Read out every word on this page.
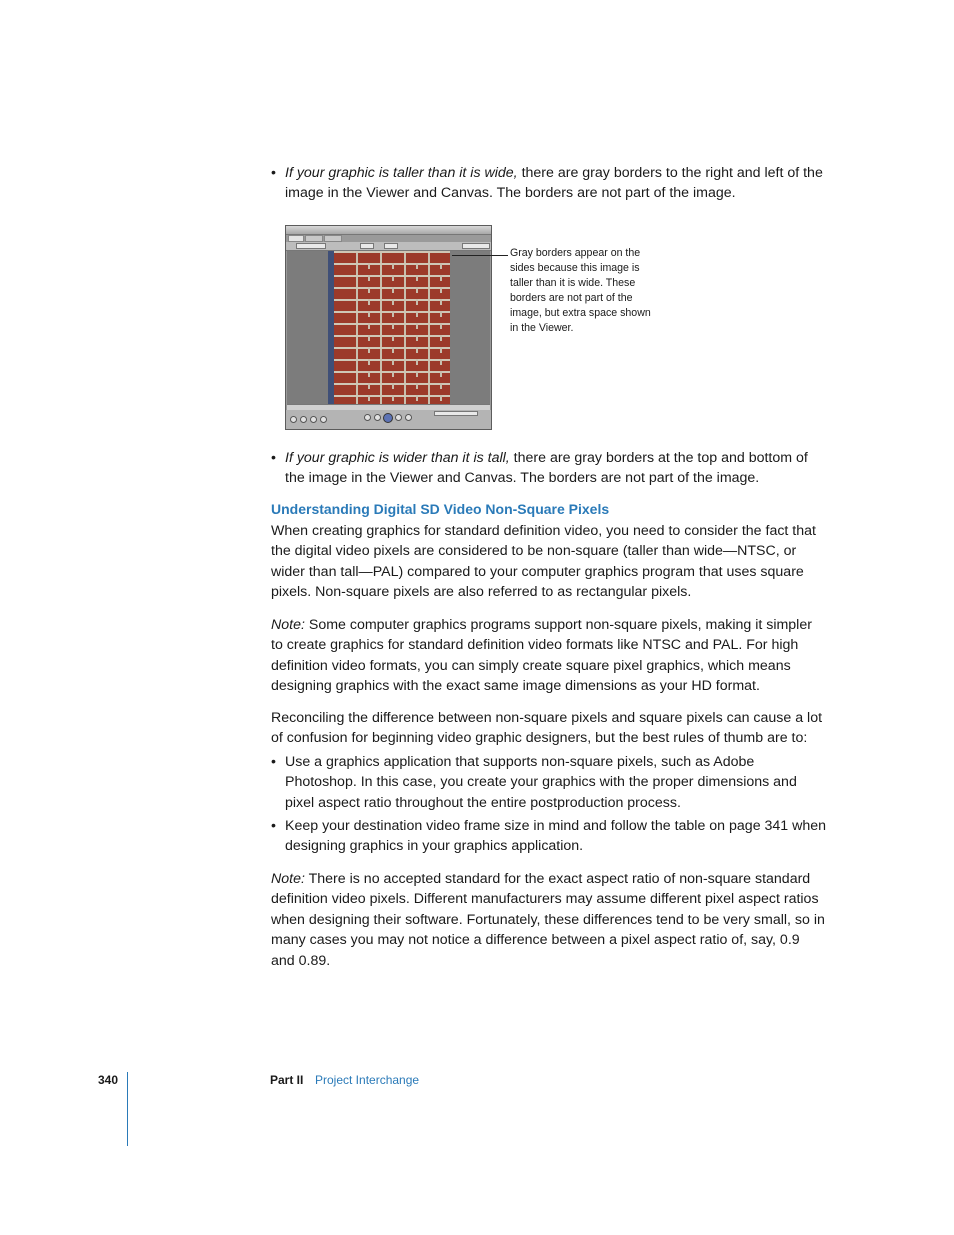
• If your graphic is taller than it is wide, there are gray borders to the right and left of the image in the Viewer and Canvas. The borders are not part of the image.
Gray borders appear on the sides because this image is taller than it is wide. These borders are not part of the image, but extra space shown in the Viewer.
• If your graphic is wider than it is tall, there are gray borders at the top and bottom of the image in the Viewer and Canvas. The borders are not part of the image.
Understanding Digital SD Video Non-Square Pixels
When creating graphics for standard definition video, you need to consider the fact that the digital video pixels are considered to be non-square (taller than wide—NTSC, or wider than tall—PAL) compared to your computer graphics program that uses square pixels. Non-square pixels are also referred to as rectangular pixels.
Note: Some computer graphics programs support non-square pixels, making it simpler to create graphics for standard definition video formats like NTSC and PAL. For high definition video formats, you can simply create square pixel graphics, which means designing graphics with the exact same image dimensions as your HD format.
Reconciling the difference between non-square pixels and square pixels can cause a lot of confusion for beginning video graphic designers, but the best rules of thumb are to:
• Use a graphics application that supports non-square pixels, such as Adobe Photoshop. In this case, you create your graphics with the proper dimensions and pixel aspect ratio throughout the entire postproduction process.
• Keep your destination video frame size in mind and follow the table on page 341 when designing graphics in your graphics application.
Note: There is no accepted standard for the exact aspect ratio of non-square standard definition video pixels. Different manufacturers may assume different pixel aspect ratios when designing their software. Fortunately, these differences tend to be very small, so in many cases you may not notice a difference between a pixel aspect ratio of, say, 0.9 and 0.89.
340	Part II Project Interchange
